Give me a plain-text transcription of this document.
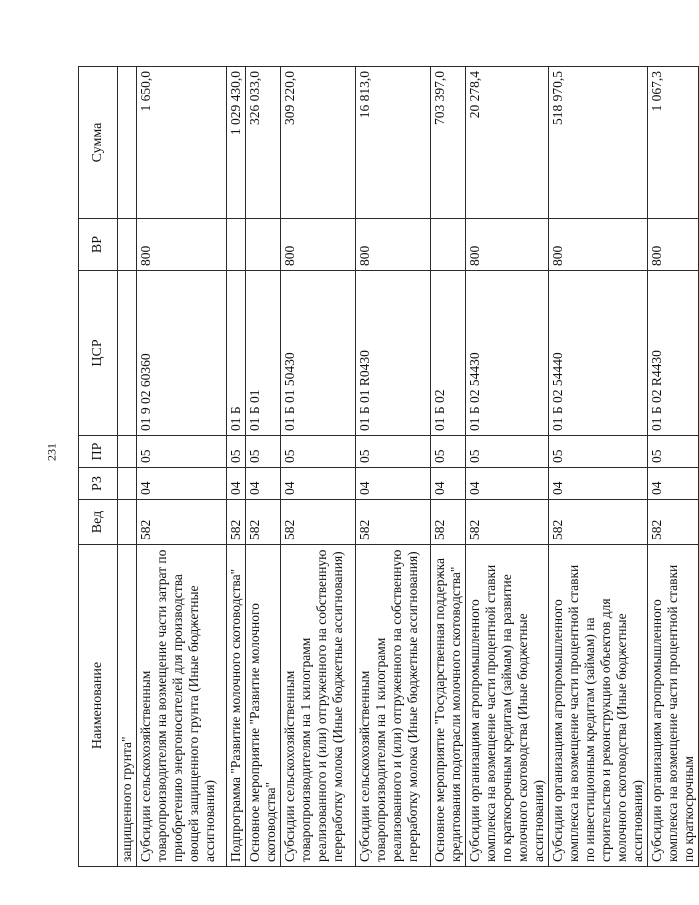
231
Наименование	Вед	РЗ	ПР	ЦСР	ВР	Сумма
защищенного грунта"						
Субсидии сельскохозяйственным товаропроизводителям на возмещение части затрат по приобретению энергоносителей для производства овощей защищенного грунта (Иные бюджетные ассигнования)	582	04	05	01 9 02 60360	800	1 650,0
Подпрограмма "Развитие молочного скотоводства"	582	04	05	01 Б		1 029 430,0
Основное мероприятие "Развитие молочного скотоводства"	582	04	05	01 Б 01		326 033,0
Субсидии сельскохозяйственным товаропроизводителям на 1 килограмм реализованного и (или) отгруженного на собственную переработку молока (Иные бюджетные ассигнования)	582	04	05	01 Б 01 50430	800	309 220,0
Субсидии сельскохозяйственным товаропроизводителям на 1 килограмм реализованного и (или) отгруженного на собственную переработку молока (Иные бюджетные ассигнования)	582	04	05	01 Б 01 R0430	800	16 813,0
Основное мероприятие "Государственная поддержка кредитования подотрасли молочного скотоводства"	582	04	05	01 Б 02		703 397,0
Субсидии организациям агропромышленного комплекса на возмещение части процентной ставки по краткосрочным кредитам (займам) на развитие молочного скотоводства (Иные бюджетные ассигнования)	582	04	05	01 Б 02 54430	800	20 278,4
Субсидии организациям агропромышленного комплекса на возмещение части процентной ставки по инвестиционным кредитам (займам) на строительство и реконструкцию объектов для молочного скотоводства (Иные бюджетные ассигнования)	582	04	05	01 Б 02 54440	800	518 970,5
Субсидии организациям агропромышленного комплекса на возмещение части процентной ставки по краткосрочным	582	04	05	01 Б 02 R4430	800	1 067,3
